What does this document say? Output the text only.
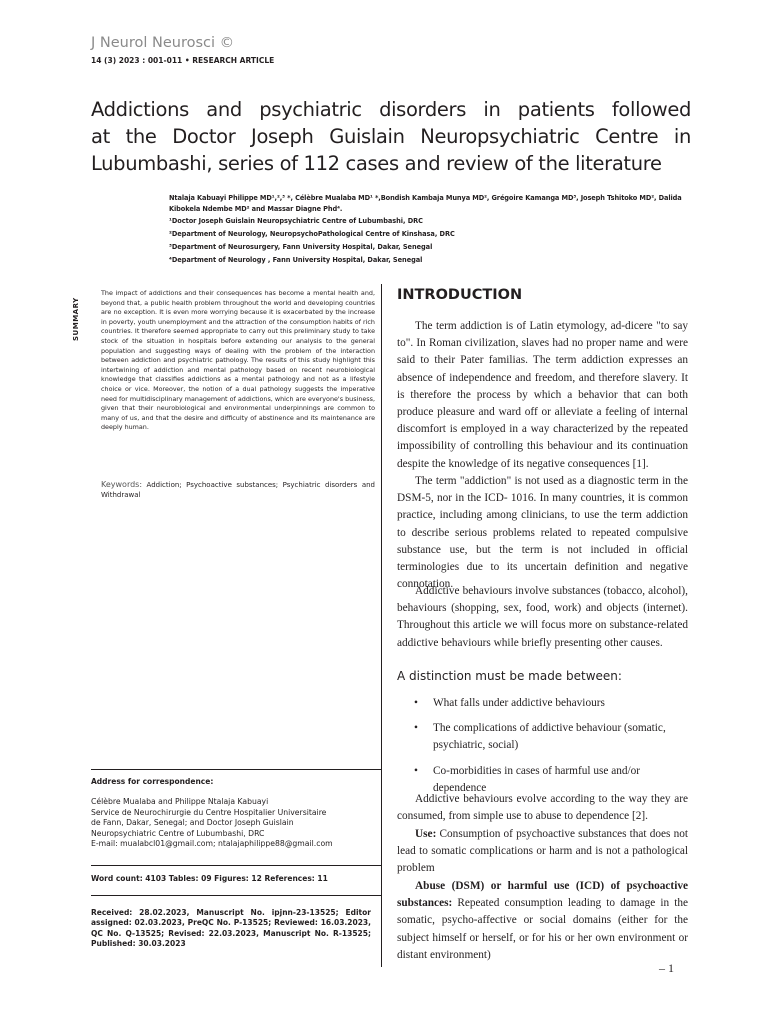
J Neurol Neurosci ©
14 (3) 2023 : 001-011 • RESEARCH ARTICLE
Addictions and psychiatric disorders in patients followed
at the Doctor Joseph Guislain Neuropsychiatric Centre in
Lubumbashi, series of 112 cases and review of the literature
Ntalaja Kabuayi Philippe MD¹,²,³ *, Célèbre Mualaba MD¹ *,Bondish Kambaja Munya MD², Grégoire Kamanga MD³, Joseph Tshitoko MD², Dalida Kibokela Ndembe MD² and Massar Diagne Phd⁴.
¹Doctor Joseph Guislain Neuropsychiatric Centre of Lubumbashi, DRC
²Department of Neurology, NeuropsychoPathological Centre of Kinshasa, DRC
³Department of Neurosurgery, Fann University Hospital, Dakar, Senegal
⁴Department of Neurology , Fann University Hospital, Dakar, Senegal
SUMMARY

The impact of addictions and their consequences has become a mental health and, beyond that, a public health problem throughout the world and developing countries are no exception. It is even more worrying because it is exacerbated by the increase in poverty, youth unemployment and the attraction of the consumption habits of rich countries. It therefore seemed appropriate to carry out this preliminary study to take stock of the situation in hospitals before extending our analysis to the general population and suggesting ways of dealing with the problem of the interaction between addiction and psychiatric pathology. The results of this study highlight this intertwining of addiction and mental pathology based on recent neurobiological knowledge that classifies addictions as a mental pathology and not as a lifestyle choice or vice. Moreover, the notion of a dual pathology suggests the imperative need for multidisciplinary management of addictions, which are everyone's business, given that their neurobiological and environmental underpinnings are common to many of us, and that the desire and difficulty of abstinence and its maintenance are deeply human.

Keywords: Addiction; Psychoactive substances; Psychiatric disorders and Withdrawal

Address for correspondence:
Célèbre Mualaba and Philippe Ntalaja Kabuayi
Service de Neurochirurgie du Centre Hospitalier Universitaire
de Fann, Dakar, Senegal; and Doctor Joseph Guislain
Neuropsychiatric Centre of Lubumbashi, DRC
E-mail: mualabcl01@gmail.com; ntalajaphilippe88@gmail.com
Word count: 4103 Tables: 09 Figures: 12 References: 11

Received: 28.02.2023, Manuscript No. ipjnn-23-13525; Editor assigned: 02.03.2023, PreQC No. P-13525; Reviewed: 16.03.2023, QC No. Q-13525; Revised: 22.03.2023, Manuscript No. R-13525; Published: 30.03.2023

INTRODUCTION

The term addiction is of Latin etymology, ad-dicere "to say to". In Roman civilization, slaves had no proper name and were said to their Pater familias. The term addiction expresses an absence of independence and freedom, and therefore slavery. It is therefore the process by which a behavior that can both produce pleasure and ward off or alleviate a feeling of internal discomfort is employed in a way characterized by the repeated impossibility of controlling this behaviour and its continuation despite the knowledge of its negative consequences [1].

The term "addiction" is not used as a diagnostic term in the DSM-5, nor in the ICD- 1016. In many countries, it is common practice, including among clinicians, to use the term addiction to describe serious problems related to repeated compulsive substance use, but the term is not included in official terminologies due to its uncertain definition and negative connotation.

Addictive behaviours involve substances (tobacco, alcohol), behaviours (shopping, sex, food, work) and objects (internet). Throughout this article we will focus more on substance-related addictive behaviours while briefly presenting other causes.

A distinction must be made between:
• What falls under addictive behaviours
• The complications of addictive behaviour (somatic, psychiatric, social)
• Co-morbidities in cases of harmful use and/or dependence

Addictive behaviours evolve according to the way they are consumed, from simple use to abuse to dependence [2].

Use: Consumption of psychoactive substances that does not lead to somatic complications or harm and is not a pathological problem

Abuse (DSM) or harmful use (ICD) of psychoactive substances: Repeated consumption leading to damage in the somatic, psycho-affective or social domains (either for the subject himself or herself, or for his or her own environment or distant environment)

– 1
